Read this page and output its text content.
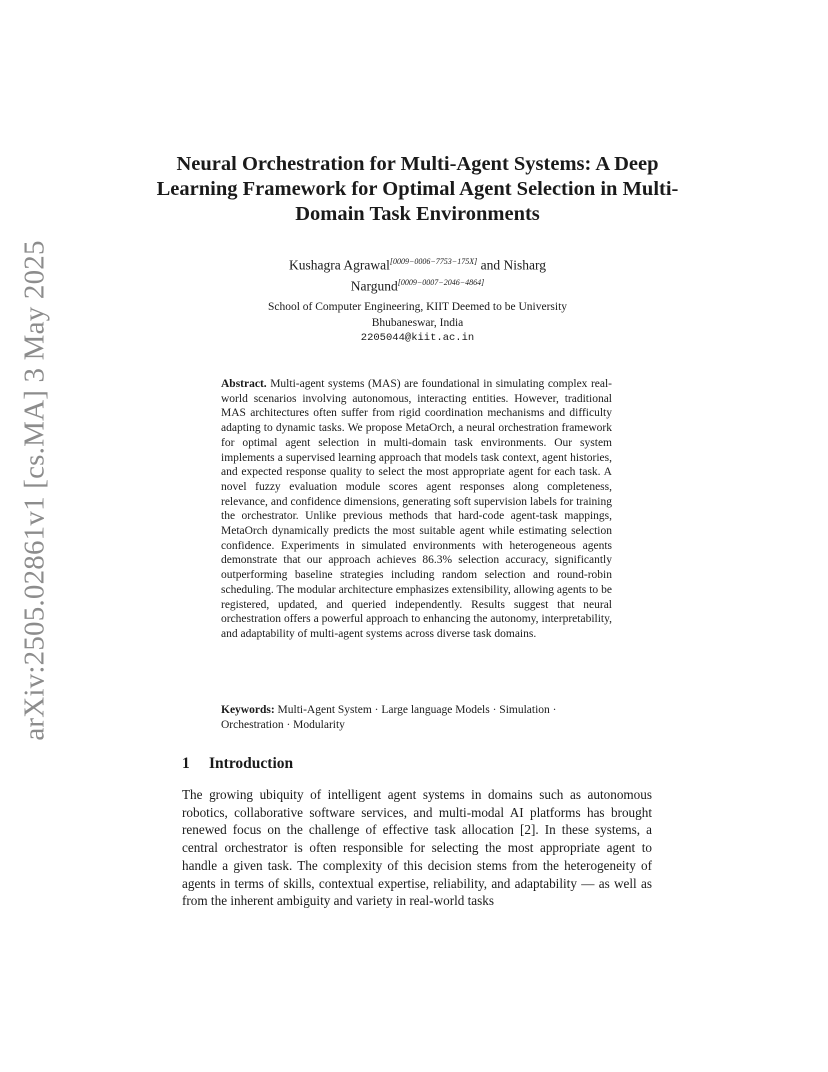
arXiv:2505.02861v1 [cs.MA] 3 May 2025
Neural Orchestration for Multi-Agent Systems: A Deep Learning Framework for Optimal Agent Selection in Multi-Domain Task Environments
Kushagra Agrawal[0009−0006−7753−175X] and Nisharg
Nargund[0009−0007−2046−4864]
School of Computer Engineering, KIIT Deemed to be University
Bhubaneswar, India
2205044@kiit.ac.in
Abstract. Multi-agent systems (MAS) are foundational in simulating complex real-world scenarios involving autonomous, interacting entities. However, traditional MAS architectures often suffer from rigid coordination mechanisms and difficulty adapting to dynamic tasks. We propose MetaOrch, a neural orchestration framework for optimal agent selection in multi-domain task environments. Our system implements a supervised learning approach that models task context, agent histories, and expected response quality to select the most appropriate agent for each task. A novel fuzzy evaluation module scores agent responses along completeness, relevance, and confidence dimensions, generating soft supervision labels for training the orchestrator. Unlike previous methods that hard-code agent-task mappings, MetaOrch dynamically predicts the most suitable agent while estimating selection confidence. Experiments in simulated environments with heterogeneous agents demonstrate that our approach achieves 86.3% selection accuracy, significantly outperforming baseline strategies including random selection and round-robin scheduling. The modular architecture emphasizes extensibility, allowing agents to be registered, updated, and queried independently. Results suggest that neural orchestration offers a powerful approach to enhancing the autonomy, interpretability, and adaptability of multi-agent systems across diverse task domains.
Keywords: Multi-Agent System · Large language Models · Simulation · Orchestration · Modularity
1 Introduction
The growing ubiquity of intelligent agent systems in domains such as autonomous robotics, collaborative software services, and multi-modal AI platforms has brought renewed focus on the challenge of effective task allocation [2]. In these systems, a central orchestrator is often responsible for selecting the most appropriate agent to handle a given task. The complexity of this decision stems from the heterogeneity of agents in terms of skills, contextual expertise, reliability, and adaptability — as well as from the inherent ambiguity and variety in real-world tasks
